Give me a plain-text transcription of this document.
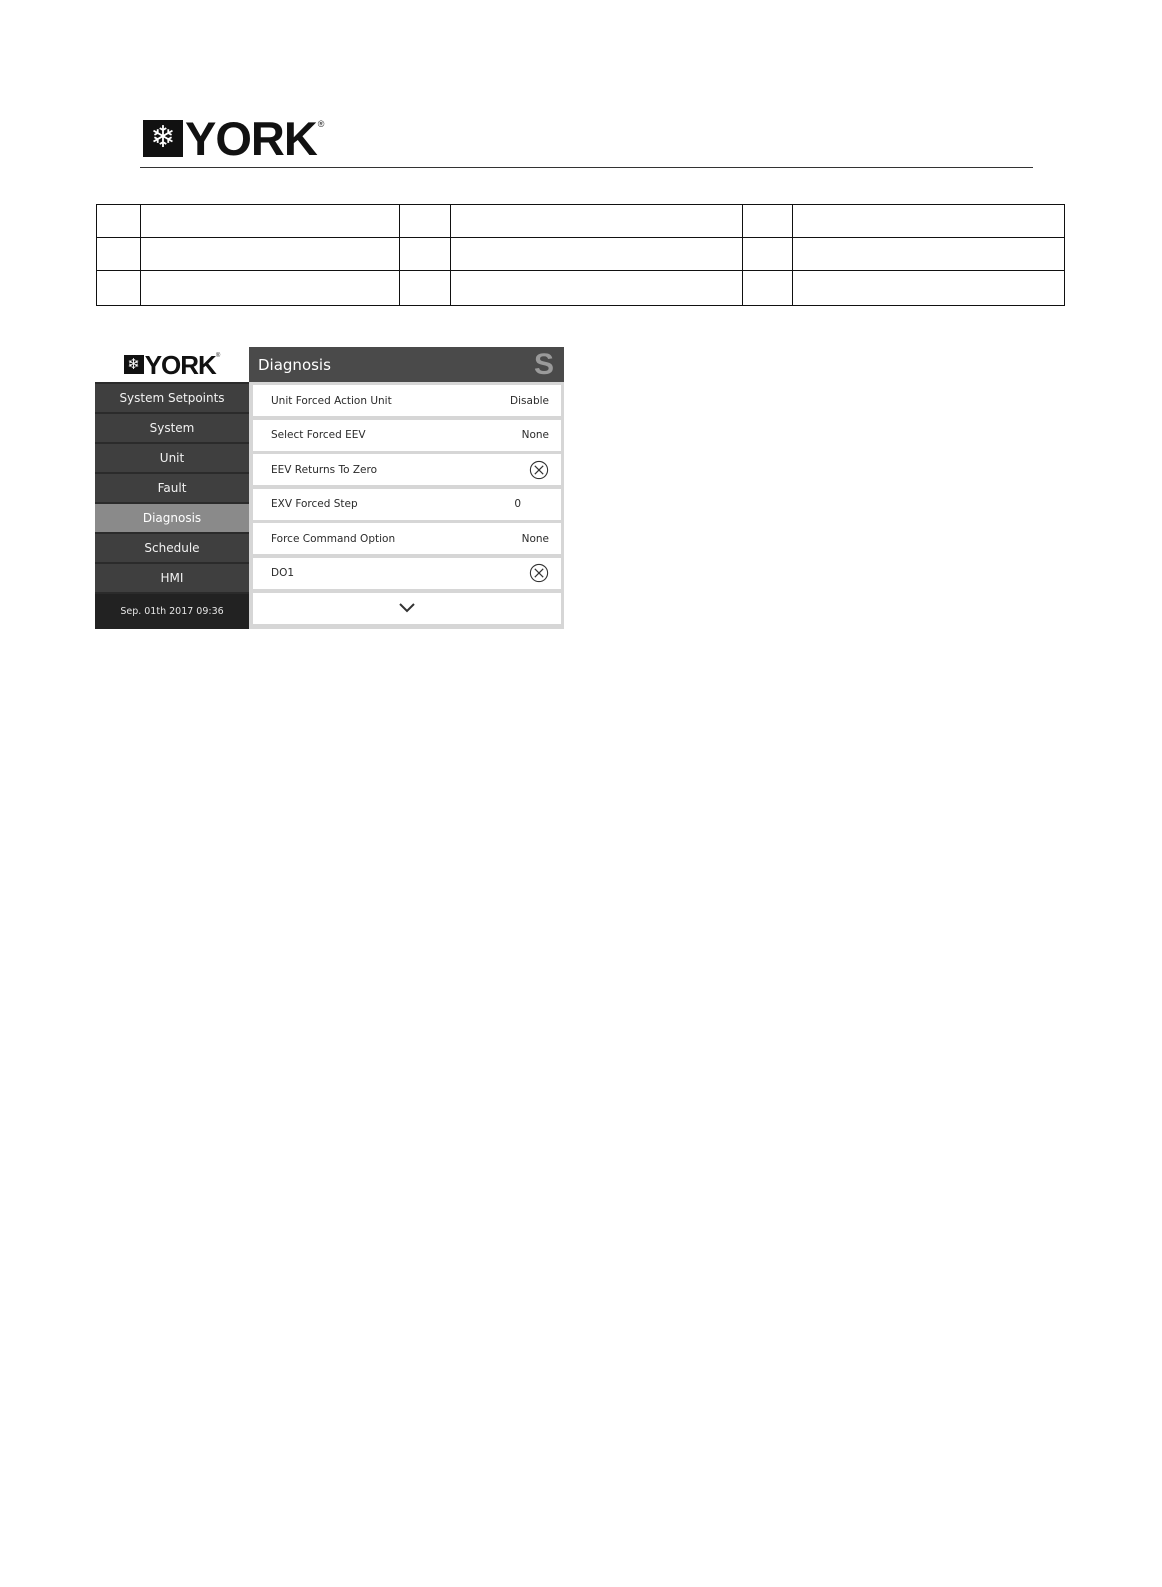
❄ YORK ®

❄ YORK ®
System Setpoints
System
Unit
Fault
Diagnosis
Schedule
HMI
Sep. 01th 2017 09:36
Diagnosis	S
Unit Forced Action Unit	Disable
Select Forced EEV	None
EEV Returns To Zero
EXV Forced Step	0
Force Command Option	None
DO1
